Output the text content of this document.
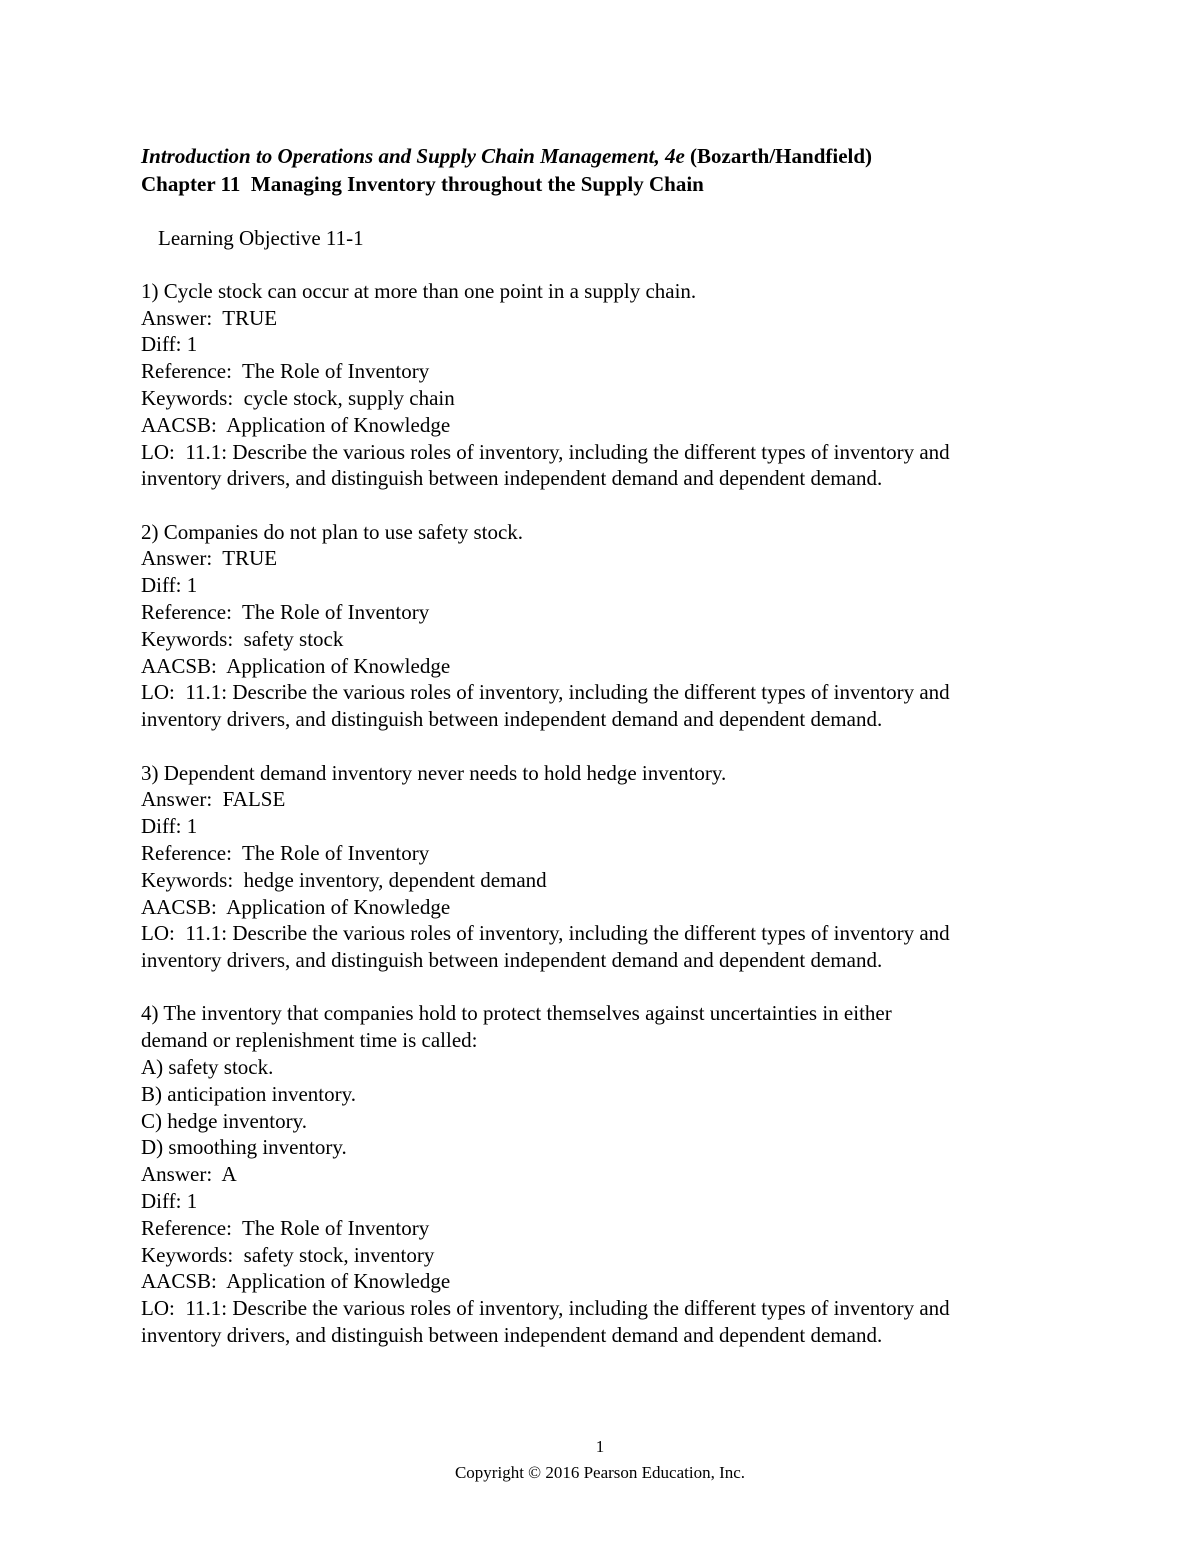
Introduction to Operations and Supply Chain Management, 4e (Bozarth/Handfield)
Chapter 11  Managing Inventory throughout the Supply Chain
Learning Objective 11-1
1) Cycle stock can occur at more than one point in a supply chain.
Answer:  TRUE
Diff: 1
Reference:  The Role of Inventory
Keywords:  cycle stock, supply chain
AACSB:  Application of Knowledge
LO:  11.1: Describe the various roles of inventory, including the different types of inventory and
inventory drivers, and distinguish between independent demand and dependent demand.
2) Companies do not plan to use safety stock.
Answer:  TRUE
Diff: 1
Reference:  The Role of Inventory
Keywords:  safety stock
AACSB:  Application of Knowledge
LO:  11.1: Describe the various roles of inventory, including the different types of inventory and
inventory drivers, and distinguish between independent demand and dependent demand.
3) Dependent demand inventory never needs to hold hedge inventory.
Answer:  FALSE
Diff: 1
Reference:  The Role of Inventory
Keywords:  hedge inventory, dependent demand
AACSB:  Application of Knowledge
LO:  11.1: Describe the various roles of inventory, including the different types of inventory and
inventory drivers, and distinguish between independent demand and dependent demand.
4) The inventory that companies hold to protect themselves against uncertainties in either
demand or replenishment time is called:
A) safety stock.
B) anticipation inventory.
C) hedge inventory.
D) smoothing inventory.
Answer:  A
Diff: 1
Reference:  The Role of Inventory
Keywords:  safety stock, inventory
AACSB:  Application of Knowledge
LO:  11.1: Describe the various roles of inventory, including the different types of inventory and
inventory drivers, and distinguish between independent demand and dependent demand.
1
Copyright © 2016 Pearson Education, Inc.
